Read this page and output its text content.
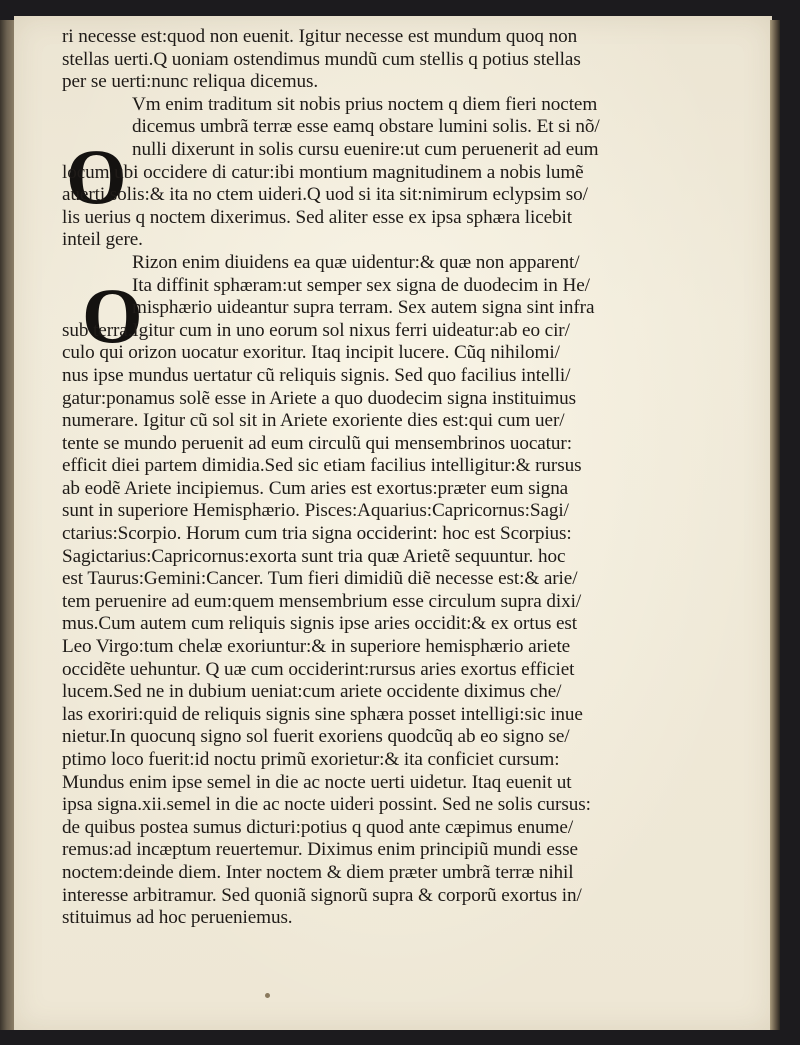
O
O
ri necesse est:quod non euenit. Igitur necesse est mundum quoq non
stellas uerti.Q uoniam ostendimus mundũ cum stellis q potius stellas
per se uerti:nunc reliqua dicemus.
Vm enim traditum sit nobis prius noctem q diem fieri noctem
dicemus umbrã terræ esse eamq obstare lumini solis. Et si nõ/
nulli dixerunt in solis cursu euenire:ut cum peruenerit ad eum
locum ubi occidere di catur:ibi montium magnitudinem a nobis lumẽ
auerti solis:& ita no ctem uideri.Q uod si ita sit:nimirum eclypsim so/
lis uerius q noctem dixerimus. Sed aliter esse ex ipsa sphæra licebit
inteil gere.
Rizon enim diuidens ea quæ uidentur:& quæ non apparent/
Ita diffinit sphæram:ut semper sex signa de duodecim in He/
misphærio uideantur supra terram. Sex autem signa sint infra
sub terra.Igitur cum in uno eorum sol nixus ferri uideatur:ab eo cir/
culo qui orizon uocatur exoritur. Itaq incipit lucere. Cũq nihilomi/
nus ipse mundus uertatur cũ reliquis signis. Sed quo facilius intelli/
gatur:ponamus solẽ esse in Ariete a quo duodecim signa instituimus
numerare. Igitur cũ sol sit in Ariete exoriente dies est:qui cum uer/
tente se mundo peruenit ad eum circulũ qui mensembrinos uocatur:
efficit diei partem dimidia.Sed sic etiam facilius intelligitur:& rursus
ab eodẽ Ariete incipiemus. Cum aries est exortus:præter eum signa
sunt in superiore Hemisphærio. Pisces:Aquarius:Capricornus:Sagi/
ctarius:Scorpio. Horum cum tria signa occiderint: hoc est Scorpius:
Sagictarius:Capricornus:exorta sunt tria quæ Arietẽ sequuntur. hoc
est Taurus:Gemini:Cancer. Tum fieri dimidiũ diẽ necesse est:& arie/
tem peruenire ad eum:quem mensembrium esse circulum supra dixi/
mus.Cum autem cum reliquis signis ipse aries occidit:& ex ortus est
Leo Virgo:tum chelæ exoriuntur:& in superiore hemisphærio ariete
occidẽte uehuntur. Q uæ cum occiderint:rursus aries exortus efficiet
lucem.Sed ne in dubium ueniat:cum ariete occidente diximus che/
las exoriri:quid de reliquis signis sine sphæra posset intelligi:sic inue
nietur.In quocunq signo sol fuerit exoriens quodcũq ab eo signo se/
ptimo loco fuerit:id noctu primũ exorietur:& ita conficiet cursum:
Mundus enim ipse semel in die ac nocte uerti uidetur. Itaq euenit ut
ipsa signa.xii.semel in die ac nocte uideri possint. Sed ne solis cursus:
de quibus postea sumus dicturi:potius q quod ante cæpimus enume/
remus:ad incæptum reuertemur. Diximus enim principiũ mundi esse
noctem:deinde diem. Inter noctem & diem præter umbrã terræ nihil
interesse arbitramur. Sed quoniã signorũ supra & corporũ exortus in/
stituimus ad hoc perueniemus.
